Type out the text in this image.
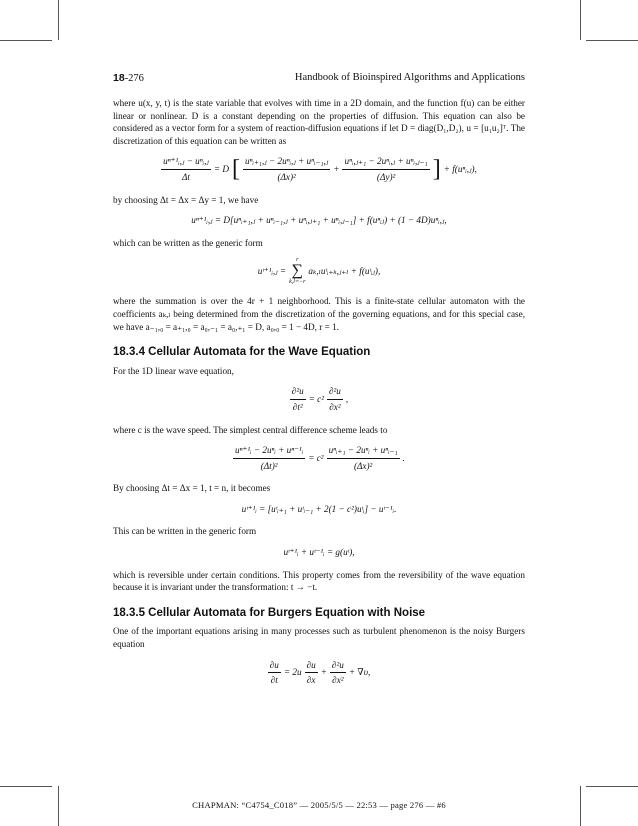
18-276	Handbook of Bioinspired Algorithms and Applications

where u(x, y, t) is the state variable that evolves with time in a 2D domain, and the function f(u) can be either linear or nonlinear. D is a constant depending on the properties of diffusion. This equation can also be considered as a vector form for a system of reaction-diffusion equations if let D = diag(D₁,D₂), u = [u₁u₂]ᵀ. The discretization of this equation can be written as

$\frac{\text{uⁿ⁺¹ᵢ,ⱼ − uⁿᵢ,ⱼ}}{\Delta t} = D$ [ $\frac{\text{uⁿᵢ₊₁,ⱼ − 2uⁿᵢ,ⱼ + uⁿᵢ₋₁,ⱼ}}{\text{(Δx)²}} + \frac{\text{uⁿᵢ,ⱼ₊₁ − 2uⁿᵢ,ⱼ + uⁿᵢ,ⱼ₋₁}}{\text{(Δy)²}}$ ] + f(uⁿᵢ,ⱼ),

by choosing Δt = Δx = Δy = 1, we have

uⁿ⁺¹ᵢ,ⱼ = D[uⁿᵢ₊₁,ⱼ + uⁿᵢ₋₁,ⱼ + uⁿᵢ,ⱼ₊₁ + uⁿᵢ,ⱼ₋₁] + f(uⁿᵢⱼ) + (1 − 4D)uⁿᵢ,ⱼ,

which can be written as the generic form

uᵗ⁺¹ᵢ,ⱼ =
r
∑
k,l=−r
aₖ,ₗuᵗᵢ₊ₖ,ⱼ₊ₗ + f(uᵗᵢⱼ),

where the summation is over the 4r + 1 neighborhood. This is a finite-state cellular automaton with the coefficients aₖ,ₗ being determined from the discretization of the governing equations, and for this special case, we have a₋₁,₀ = a₊₁,₀ = a₀,₋₁ = a₀,₊₁ = D, a₀,₀ = 1 − 4D, r = 1.

18.3.4 Cellular Automata for the Wave Equation

For the 1D linear wave equation,

$\frac{\text{∂²u}}{\text{∂t²}} = c^2 \frac{\text{∂²u}}{\text{∂x²}}$ ,

where c is the wave speed. The simplest central difference scheme leads to

$\frac{\text{uⁿ⁺¹ᵢ − 2uⁿᵢ + uⁿ⁻¹ᵢ}}{\text{(Δt)²}} = c^2 \frac{\text{uⁿᵢ₊₁ − 2uⁿᵢ + uⁿᵢ₋₁}}{\text{(Δx)²}}$ .

By choosing Δt = Δx = 1, t = n, it becomes

uᵗ⁺¹ᵢ = [uᵗᵢ₊₁ + uᵗᵢ₋₁ + 2(1 − c²)uᵗᵢ] − uᵗ⁻¹ᵢ.

This can be written in the generic form

uᵗ⁺¹ᵢ + uᵗ⁻¹ᵢ = g(uᵗ),

which is reversible under certain conditions. This property comes from the reversibility of the wave equation because it is invariant under the transformation: t → −t.

18.3.5 Cellular Automata for Burgers Equation with Noise

One of the important equations arising in many processes such as turbulent phenomenon is the noisy Burgers equation

$\frac{\partial u}{\partial t} = 2u \frac{\partial u}{\partial x} + \frac{\text{∂²u}}{\text{∂x²}} + \nabla\upsilon$,
CHAPMAN: “C4754_C018” — 2005/5/5 — 22:53 — page 276 — #6
